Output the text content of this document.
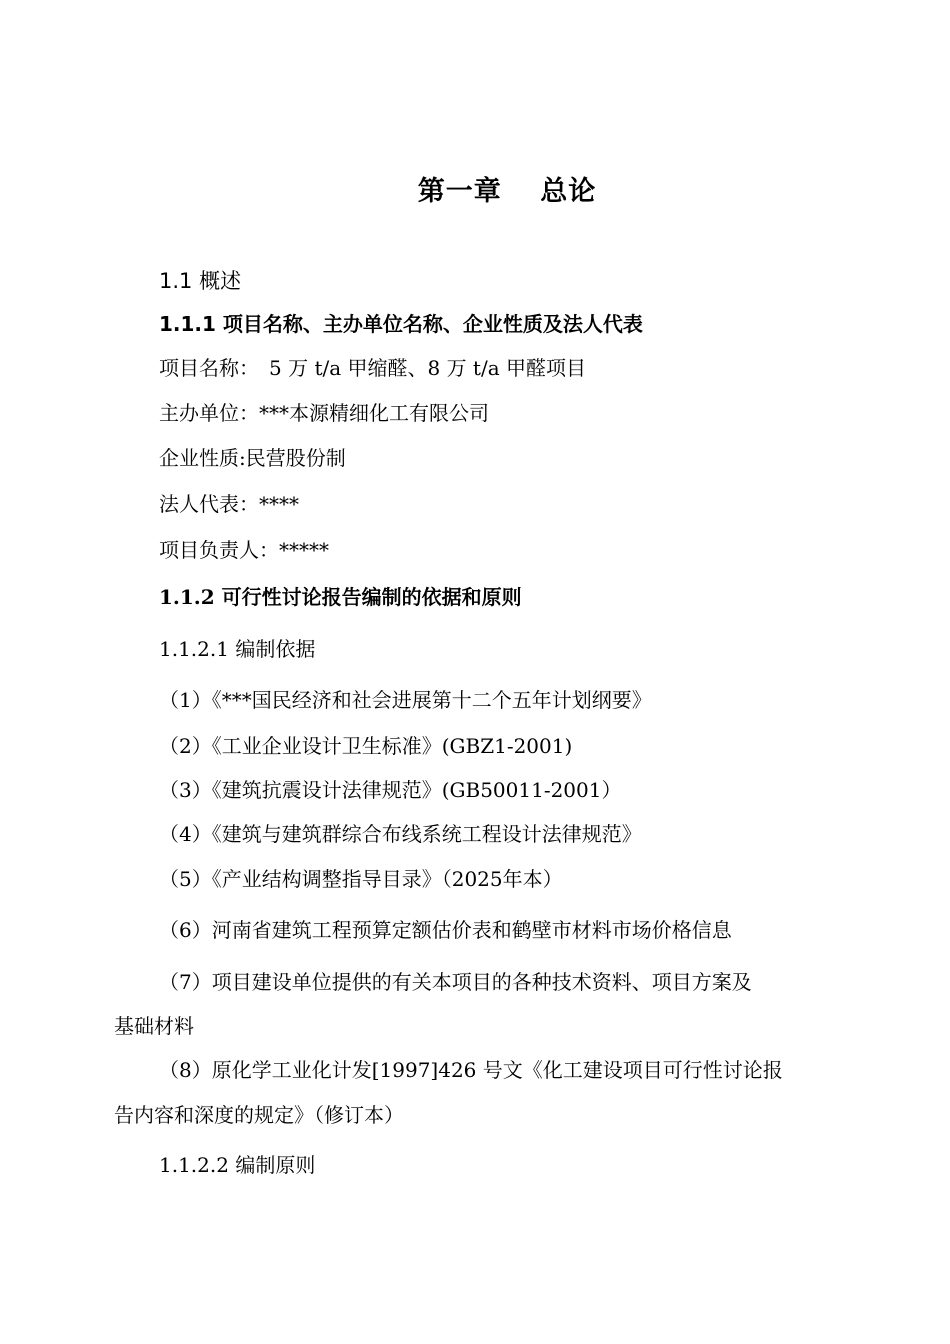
第一章　 总论
1.1 概述
1.1.1 项目名称、主办单位名称、企业性质及法人代表
项目名称：　5 万 t/a 甲缩醛、8 万 t/a 甲醛项目
主办单位：***本源精细化工有限公司
企业性质:民营股份制
法人代表：****
项目负责人：*****
1.1.2 可行性讨论报告编制的依据和原则
1.1.2.1 编制依据
（1）《***国民经济和社会进展第十二个五年计划纲要》
（2）《工业企业设计卫生标准》(GBZ1-2001)
（3）《建筑抗震设计法律规范》(GB50011-2001）
（4）《建筑与建筑群综合布线系统工程设计法律规范》
（5）《产业结构调整指导目录》（2025年本）
（6）河南省建筑工程预算定额估价表和鹤壁市材料市场价格信息
（7）项目建设单位提供的有关本项目的各种技术资料、项目方案及
基础材料
（8）原化学工业化计发[1997]426 号文《化工建设项目可行性讨论报
告内容和深度的规定》（修订本）
1.1.2.2 编制原则
